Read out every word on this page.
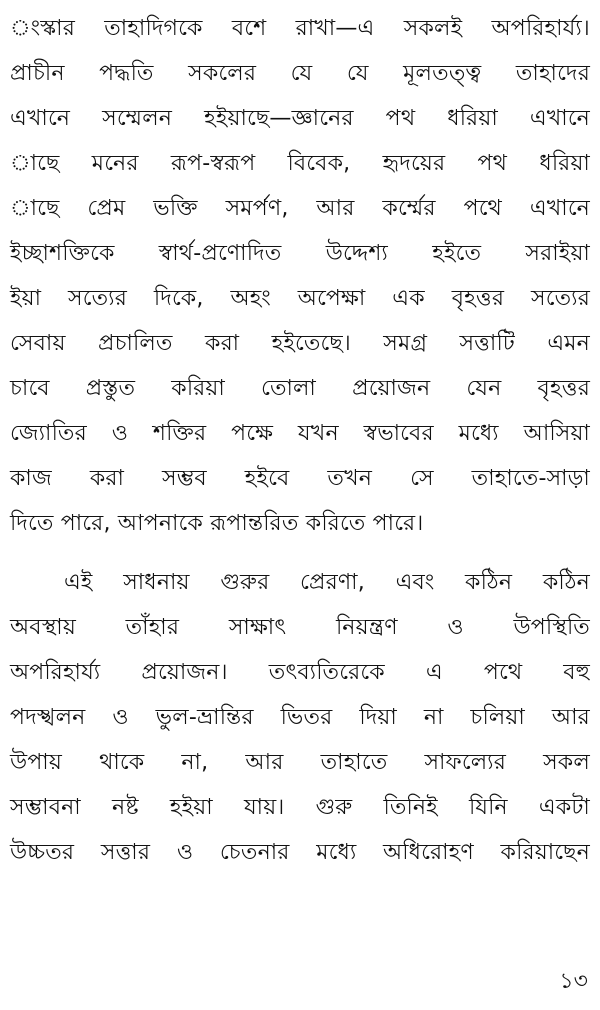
ংস্কার তাহাদিগকে বশে রাখা—এ সকলই অপরিহার্য্য।
প্রাচীন পদ্ধতি সকলের যে যে মূলতত্ত্ব তাহাদের
এখানে সম্মেলন হইয়াছে—জ্ঞানের পথ ধরিয়া এখানে
াছে মনের রূপ-স্বরূপ বিবেক, হৃদয়ের পথ ধরিয়া
াছে প্রেম ভক্তি সমর্পণ, আর কর্ম্মের পথে এখানে
ইচ্ছাশক্তিকে স্বার্থ-প্রণোদিত উদ্দেশ্য হইতে সরাইয়া
ইয়া সত্যের দিকে, অহং অপেক্ষা এক বৃহত্তর সত্যের
সেবায় প্রচালিত করা হইতেছে। সমগ্র সত্তাটি এমন
চাবে প্রস্তুত করিয়া তোলা প্রয়োজন যেন বৃহত্তর
জ্যোতির ও শক্তির পক্ষে যখন স্বভাবের মধ্যে আসিয়া
কাজ করা সম্ভব হইবে তখন সে তাহাতে-সাড়া
দিতে পারে, আপনাকে রূপান্তরিত করিতে পারে।
এই সাধনায় গুরুর প্রেরণা, এবং কঠিন কঠিন
অবস্থায় তাঁহার সাক্ষাৎ নিয়ন্ত্রণ ও উপস্থিতি
অপরিহার্য্য প্রয়োজন। তৎব্যতিরেকে এ পথে বহু
পদস্খলন ও ভুল-ভ্রান্তির ভিতর দিয়া না চলিয়া আর
উপায় থাকে না, আর তাহাতে সাফল্যের সকল
সম্ভাবনা নষ্ট হইয়া যায়। গুরু তিনিই যিনি একটা
উচ্চতর সত্তার ও চেতনার মধ্যে অধিরোহণ করিয়াছেন
১৩
